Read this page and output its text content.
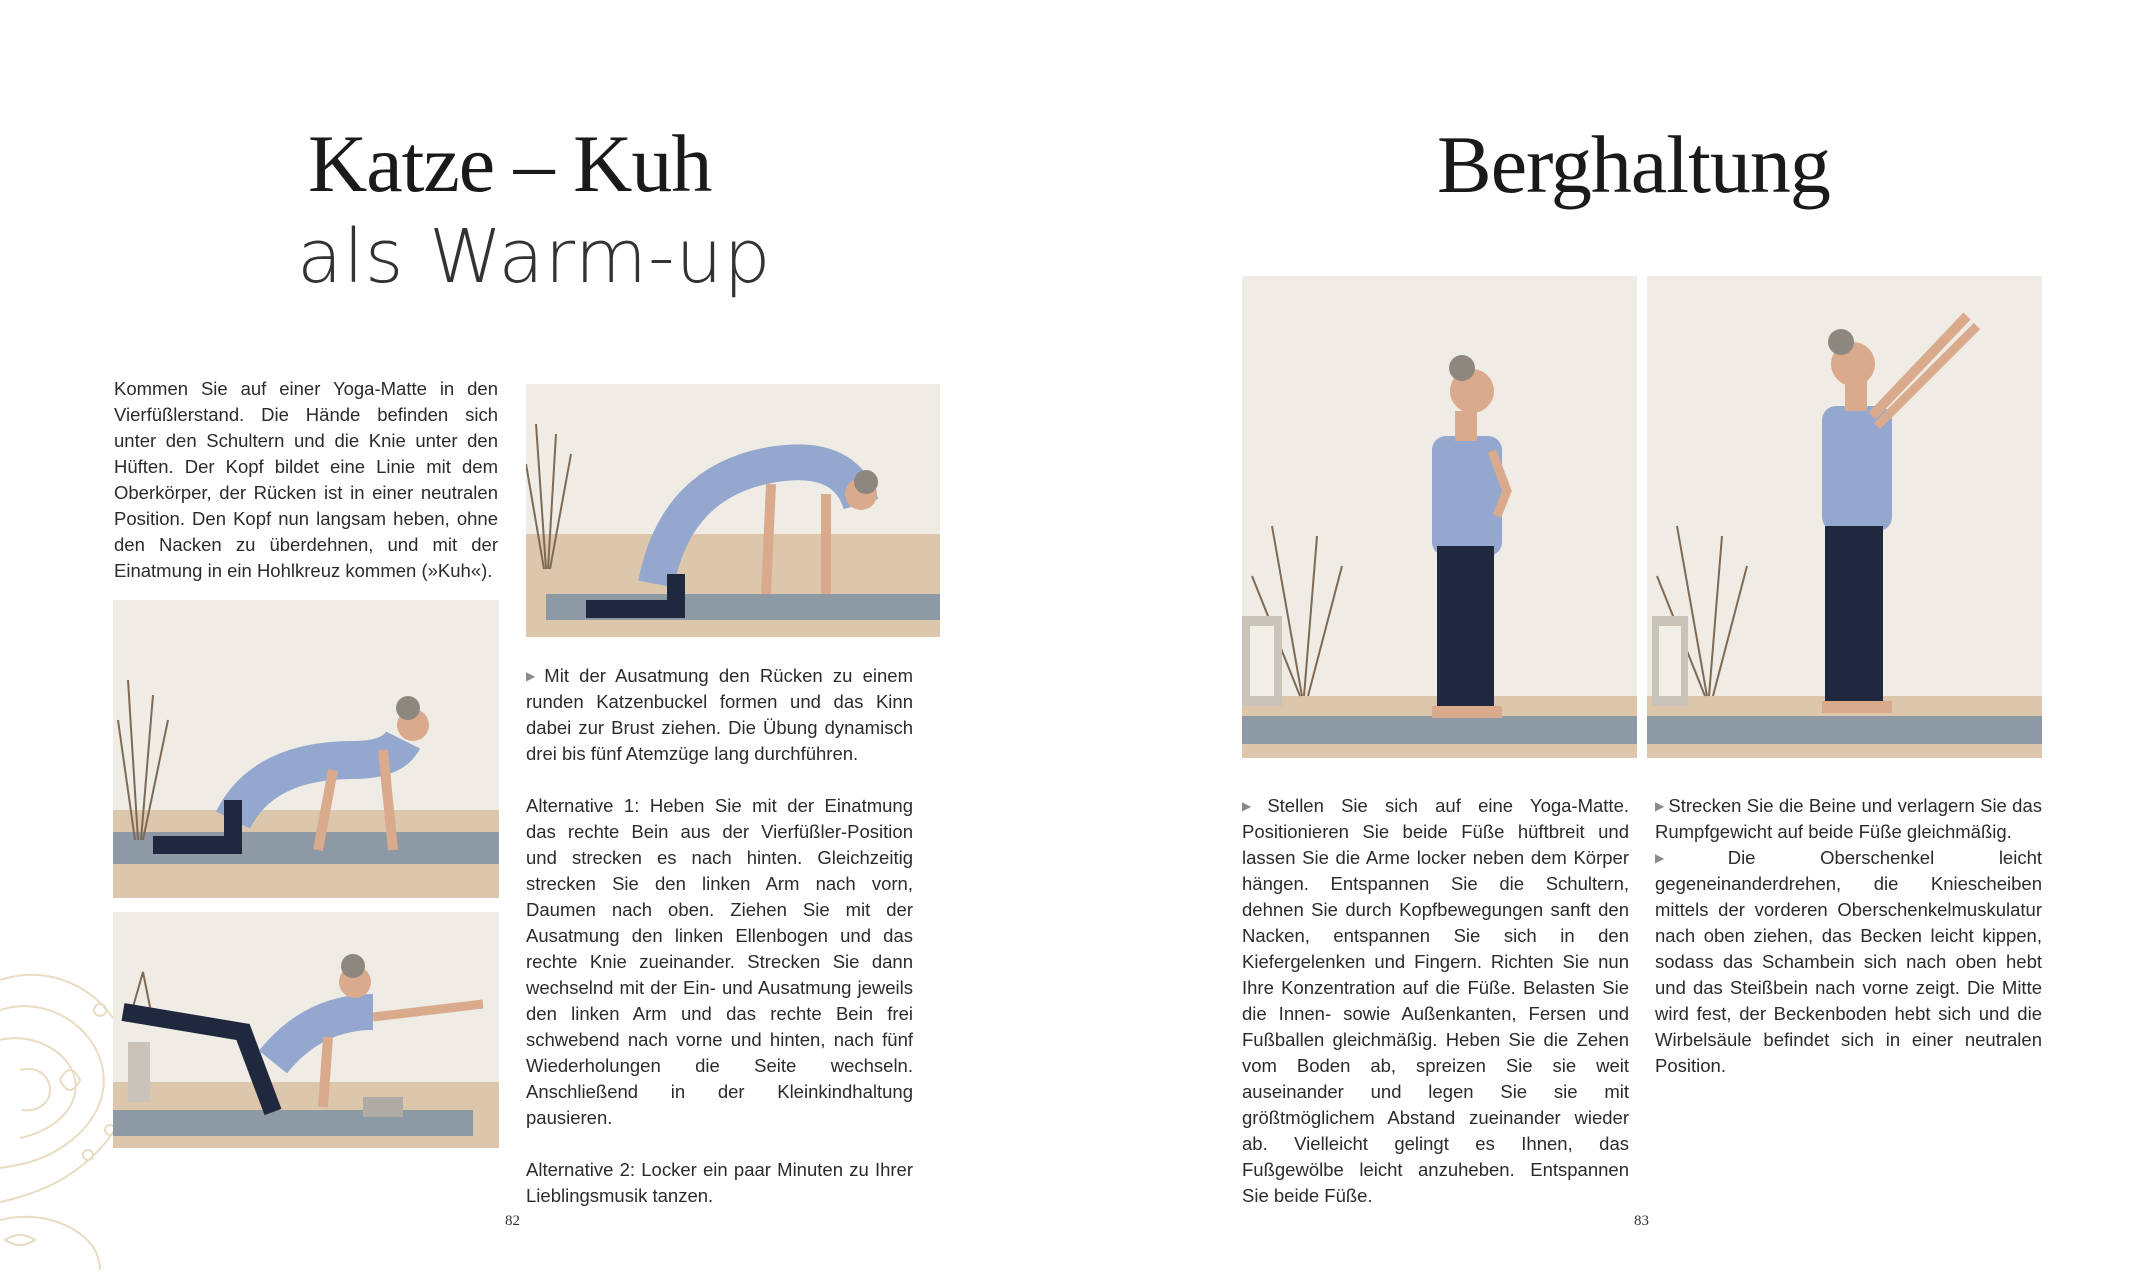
Katze – Kuh
als Warm-up

Kommen Sie auf einer Yoga-Matte in den Vierfüßlerstand. Die Hände befinden sich unter den Schultern und die Knie unter den Hüften. Der Kopf bildet eine Linie mit dem Oberkörper, der Rücken ist in einer neutralen Position. Den Kopf nun langsam heben, ohne den Nacken zu überdehnen, und mit der Einatmung in ein Hohlkreuz kommen (»Kuh«).

▶ Mit der Ausatmung den Rücken zu einem runden Katzenbuckel formen und das Kinn dabei zur Brust ziehen. Die Übung dynamisch drei bis fünf Atemzüge lang durchführen.

Alternative 1: Heben Sie mit der Einatmung das rechte Bein aus der Vierfüßler-Position und strecken es nach hinten. Gleichzeitig strecken Sie den linken Arm nach vorn, Daumen nach oben. Ziehen Sie mit der Ausatmung den linken Ellenbogen und das rechte Knie zueinander. Strecken Sie dann wechselnd mit der Ein- und Ausatmung jeweils den linken Arm und das rechte Bein frei schwebend nach vorne und hinten, nach fünf Wiederholungen die Seite wechseln. Anschließend in der Kleinkindhaltung pausieren.

Alternative 2: Locker ein paar Minuten zu Ihrer Lieblingsmusik tanzen.

82
Berghaltung

▶ Stellen Sie sich auf eine Yoga-Matte. Positionieren Sie beide Füße hüftbreit und lassen Sie die Arme locker neben dem Körper hängen. Entspannen Sie die Schultern, dehnen Sie durch Kopfbewegungen sanft den Nacken, entspannen Sie sich in den Kiefergelenken und Fingern. Richten Sie nun Ihre Konzentration auf die Füße. Belasten Sie die Innen- sowie Außenkanten, Fersen und Fußballen gleichmäßig. Heben Sie die Zehen vom Boden ab, spreizen Sie sie weit auseinander und legen Sie sie mit größtmöglichem Abstand zueinander wieder ab. Vielleicht gelingt es Ihnen, das Fußgewölbe leicht anzuheben. Entspannen Sie beide Füße.

▶ Strecken Sie die Beine und verlagern Sie das Rumpfgewicht auf beide Füße gleichmäßig.

▶ Die Oberschenkel leicht gegeneinanderdrehen, die Kniescheiben mittels der vorderen Oberschenkelmuskulatur nach oben ziehen, das Becken leicht kippen, sodass das Schambein sich nach oben hebt und das Steißbein nach vorne zeigt. Die Mitte wird fest, der Beckenboden hebt sich und die Wirbelsäule befindet sich in einer neutralen Position.

83
